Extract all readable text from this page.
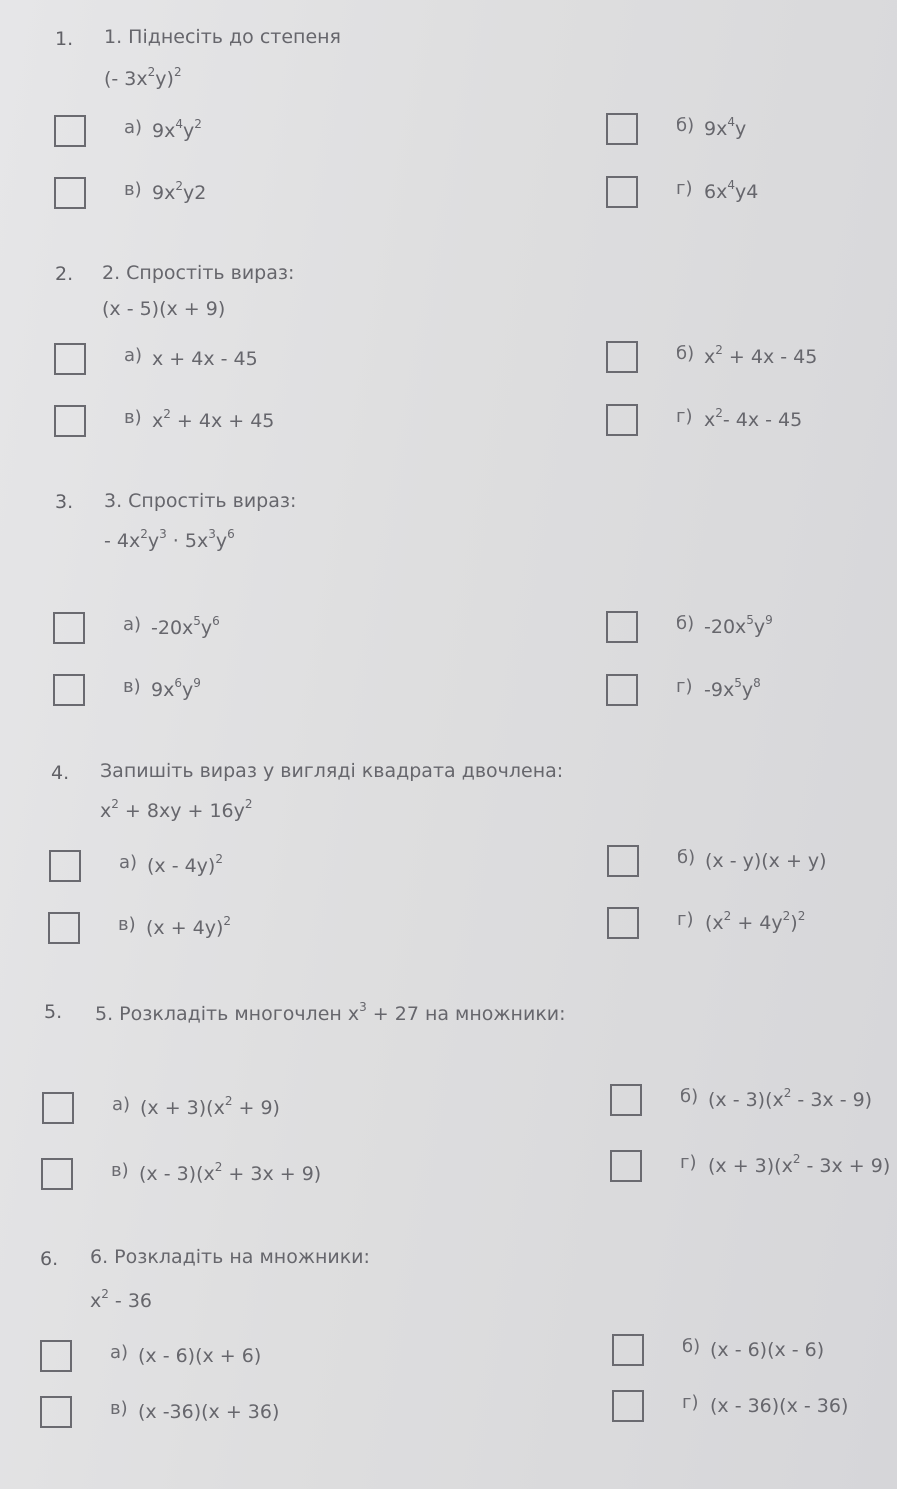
1. 1. Піднесіть до степеня
(- $3x^2y)^2$
а) $9x^4y^2$	б) $9x^4y$
в) $9x^2y2$	г) $6x^4y4$
2. 2. Спростіть вираз:
(x - 5)(x + 9)
а) x + 4x - 45	б) $x^2 + 4x - 45$
в) $x^2 + 4x + 45$	г) $x^2-$ 4x - 45
3. 3. Спростіть вираз:
- $4x^2y^3 \cdot 5x^3y^6$
а) $-20x^5y^6$	б) $-20x^5y^9$
в) $9x^6y^9$	г) $-9x^5y^8$
4. Запишіть вираз у вигляді квадрата двочлена:
$x^2 + 8xy + 16y^2$
а) (x - 4y)$^2$	б) (x - y)(x + y)
в) $(x + 4y)^2$	г) $(x^2 + 4y^2)^2$
5. 5. Розкладіть многочлен $x^3 + 27$ на множники:
а) $(x + 3)(x^2 + 9)$
б) $(x - 3)(x^2 - 3x - 9)$
в) $(x - 3)(x^2 + 3x + 9)$
г) $(x + 3)(x^2 - 3x + 9)$
6. 6. Розкладіть на множники:
$x^2 - 36$
а) (x - 6)(x + 6)	б) (x - 6)(x - 6)
в) (x -36)(x + 36)	г) (x - 36)(x - 36)
